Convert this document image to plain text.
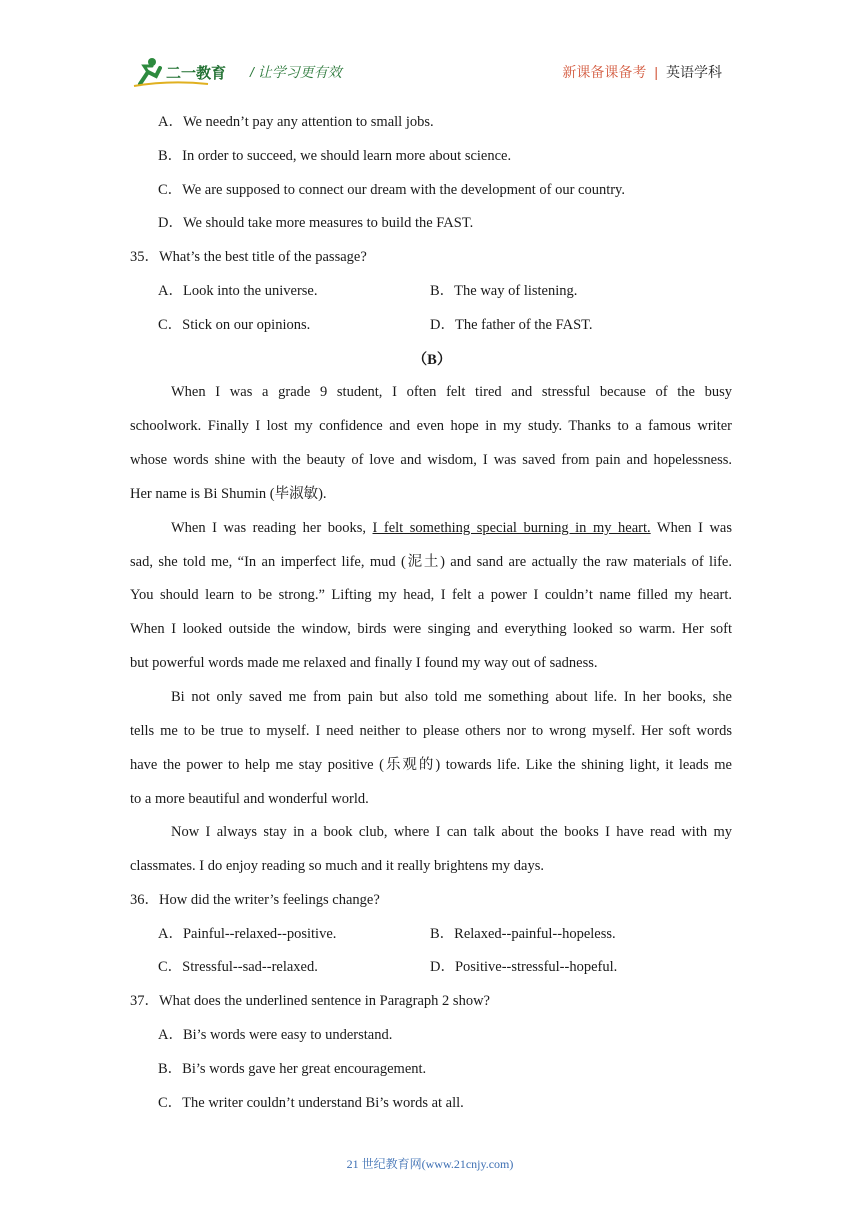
二一教育 / 让学习更有效	新课备课备考 | 英语学科
A．We needn’t pay any attention to small jobs.
B．In order to succeed, we should learn more about science.
C．We are supposed to connect our dream with the development of our country.
D．We should take more measures to build the FAST.
35．What’s the best title of the passage?
A．Look into the universe.	B．The way of listening.
C．Stick on our opinions.	D．The father of the FAST.
（B）
When I was a grade 9 student, I often felt tired and stressful because of the busy
schoolwork. Finally I lost my confidence and even hope in my study. Thanks to a famous writer
whose words shine with the beauty of love and wisdom, I was saved from pain and hopelessness.
Her name is Bi Shumin (毕淑敏).
When I was reading her books, I felt something special burning in my heart. When I was
sad, she told me, “In an imperfect life, mud (泥土) and sand are actually the raw materials of life.
You should learn to be strong.” Lifting my head, I felt a power I couldn’t name filled my heart.
When I looked outside the window, birds were singing and everything looked so warm. Her soft
but powerful words made me relaxed and finally I found my way out of sadness.
Bi not only saved me from pain but also told me something about life. In her books, she
tells me to be true to myself. I need neither to please others nor to wrong myself. Her soft words
have the power to help me stay positive (乐观的) towards life. Like the shining light, it leads me
to a more beautiful and wonderful world.
Now I always stay in a book club, where I can talk about the books I have read with my
classmates. I do enjoy reading so much and it really brightens my days.
36．How did the writer’s feelings change?
A．Painful--relaxed--positive.	B．Relaxed--painful--hopeless.
C．Stressful--sad--relaxed.	D．Positive--stressful--hopeful.
37．What does the underlined sentence in Paragraph 2 show?
A．Bi’s words were easy to understand.
B．Bi’s words gave her great encouragement.
C．The writer couldn’t understand Bi’s words at all.
21 世纪教育网(www.21cnjy.com)
